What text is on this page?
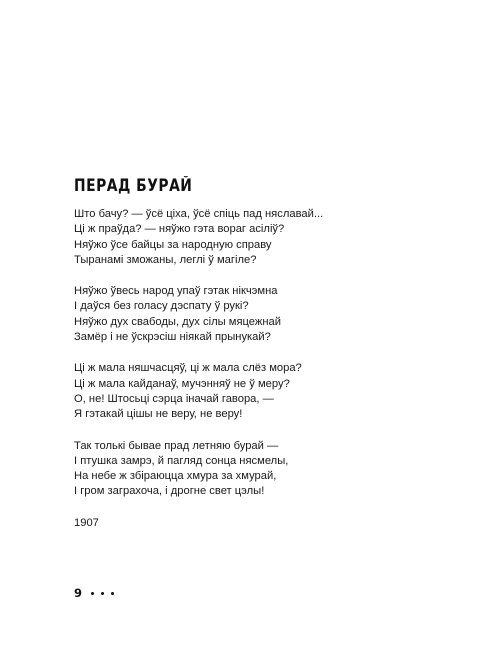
ПЕРАД БУРАЙ
Што бачу? — ўсё ціха, ўсё спіць пад няславай...
Ці ж праўда? — няўжо гэта вораг асіліў?
Няўжо ўсе байцы за народную справу
Тыранамі зможаны, леглі ў магіле?
Няўжо ўвесь народ упаў гэтак нікчэмна
І даўся без голасу дэспату ў рукі?
Няўжо дух свабоды, дух сілы мяцежнай
Замёр і не ўскрэсіш ніякай прынукай?
Ці ж мала няшчасцяў, ці ж мала слёз мора?
Ці ж мала кайданаў, мучэнняў не ў меру?
О, не! Штосьці сэрца іначай гавора, —
Я гэтакай цішы не веру, не веру!
Так толькі бывае прад летняю бурай —
І птушка замрэ, й пагляд сонца нясмелы,
На небе ж збіраюцца хмура за хмурай,
І гром заграхоча, і дрогне свет цэлы!
1907
9
